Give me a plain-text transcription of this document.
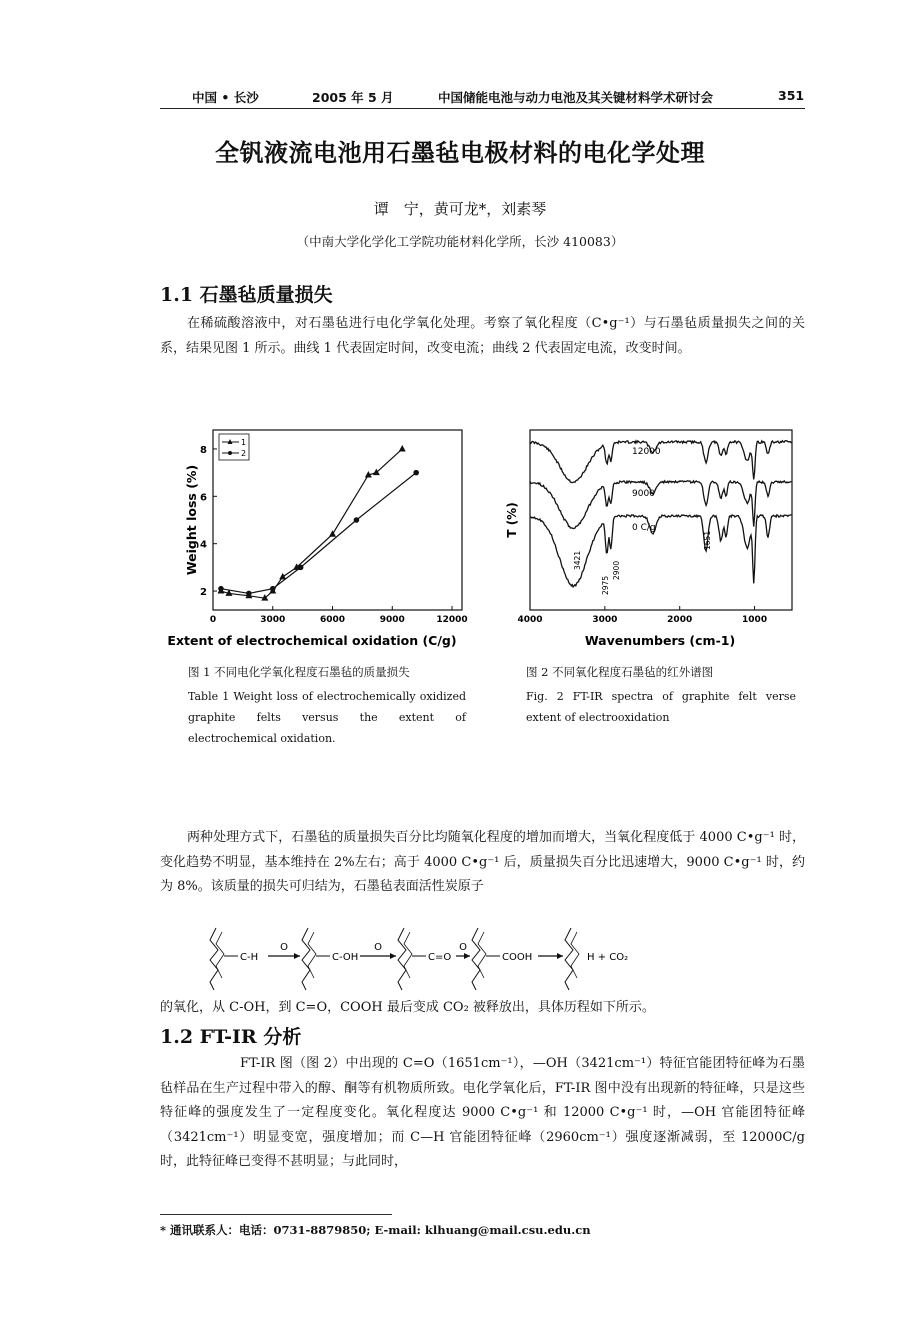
中国 • 长沙	2005 年 5 月	中国储能电池与动力电池及其关键材料学术研讨会	351
全钒液流电池用石墨毡电极材料的电化学处理
谭　宁，黄可龙*，刘素琴
（中南大学化学化工学院功能材料化学所，长沙 410083）
1.1 石墨毡质量损失
在稀硫酸溶液中，对石墨毡进行电化学氧化处理。考察了氧化程度（C•g⁻¹）与石墨毡质量损失之间的关系，结果见图 1 所示。曲线 1 代表固定时间，改变电流；曲线 2 代表固定电流，改变时间。
0	3000	6000	9000	12000
2
4
6
8
1
2
Weight loss (%)
Extent of electrochemical oxidation (C/g)
4000	3000	2000	1000
12000
9000
0 C/g
3421
2975
2900
1651
T (%)
Wavenumbers (cm-1)
图 1 不同电化学氧化程度石墨毡的质量损失
Table 1 Weight loss of electrochemically oxidized graphite felts versus the extent of electrochemical oxidation.
图 2 不同氧化程度石墨毡的红外谱图
Fig. 2 FT-IR spectra of graphite felt verse extent of electrooxidation
两种处理方式下，石墨毡的质量损失百分比均随氧化程度的增加而增大，当氧化程度低于 4000 C•g⁻¹ 时，变化趋势不明显，基本维持在 2%左右；高于 4000 C•g⁻¹ 后，质量损失百分比迅速增大，9000 C•g⁻¹ 时，约为 8%。该质量的损失可归结为，石墨毡表面活性炭原子
C-H
O
C-OH
O
C=O
O
COOH	H + CO₂
的氧化，从 C-OH，到 C=O，COOH 最后变成 CO₂ 被释放出，具体历程如下所示。
1.2 FT-IR 分析
FT-IR 图（图 2）中出现的 C=O（1651cm⁻¹），—OH（3421cm⁻¹）特征官能团特征峰为石墨毡样品在生产过程中带入的醇、酮等有机物质所致。电化学氧化后，FT-IR 图中没有出现新的特征峰，只是这些特征峰的强度发生了一定程度变化。氧化程度达 9000 C•g⁻¹ 和 12000 C•g⁻¹ 时，—OH 官能团特征峰（3421cm⁻¹）明显变宽，强度增加；而 C—H 官能团特征峰（2960cm⁻¹）强度逐渐减弱，至 12000C/g 时，此特征峰已变得不甚明显；与此同时，
* 通讯联系人：电话：0731-8879850; E-mail: klhuang@mail.csu.edu.cn
